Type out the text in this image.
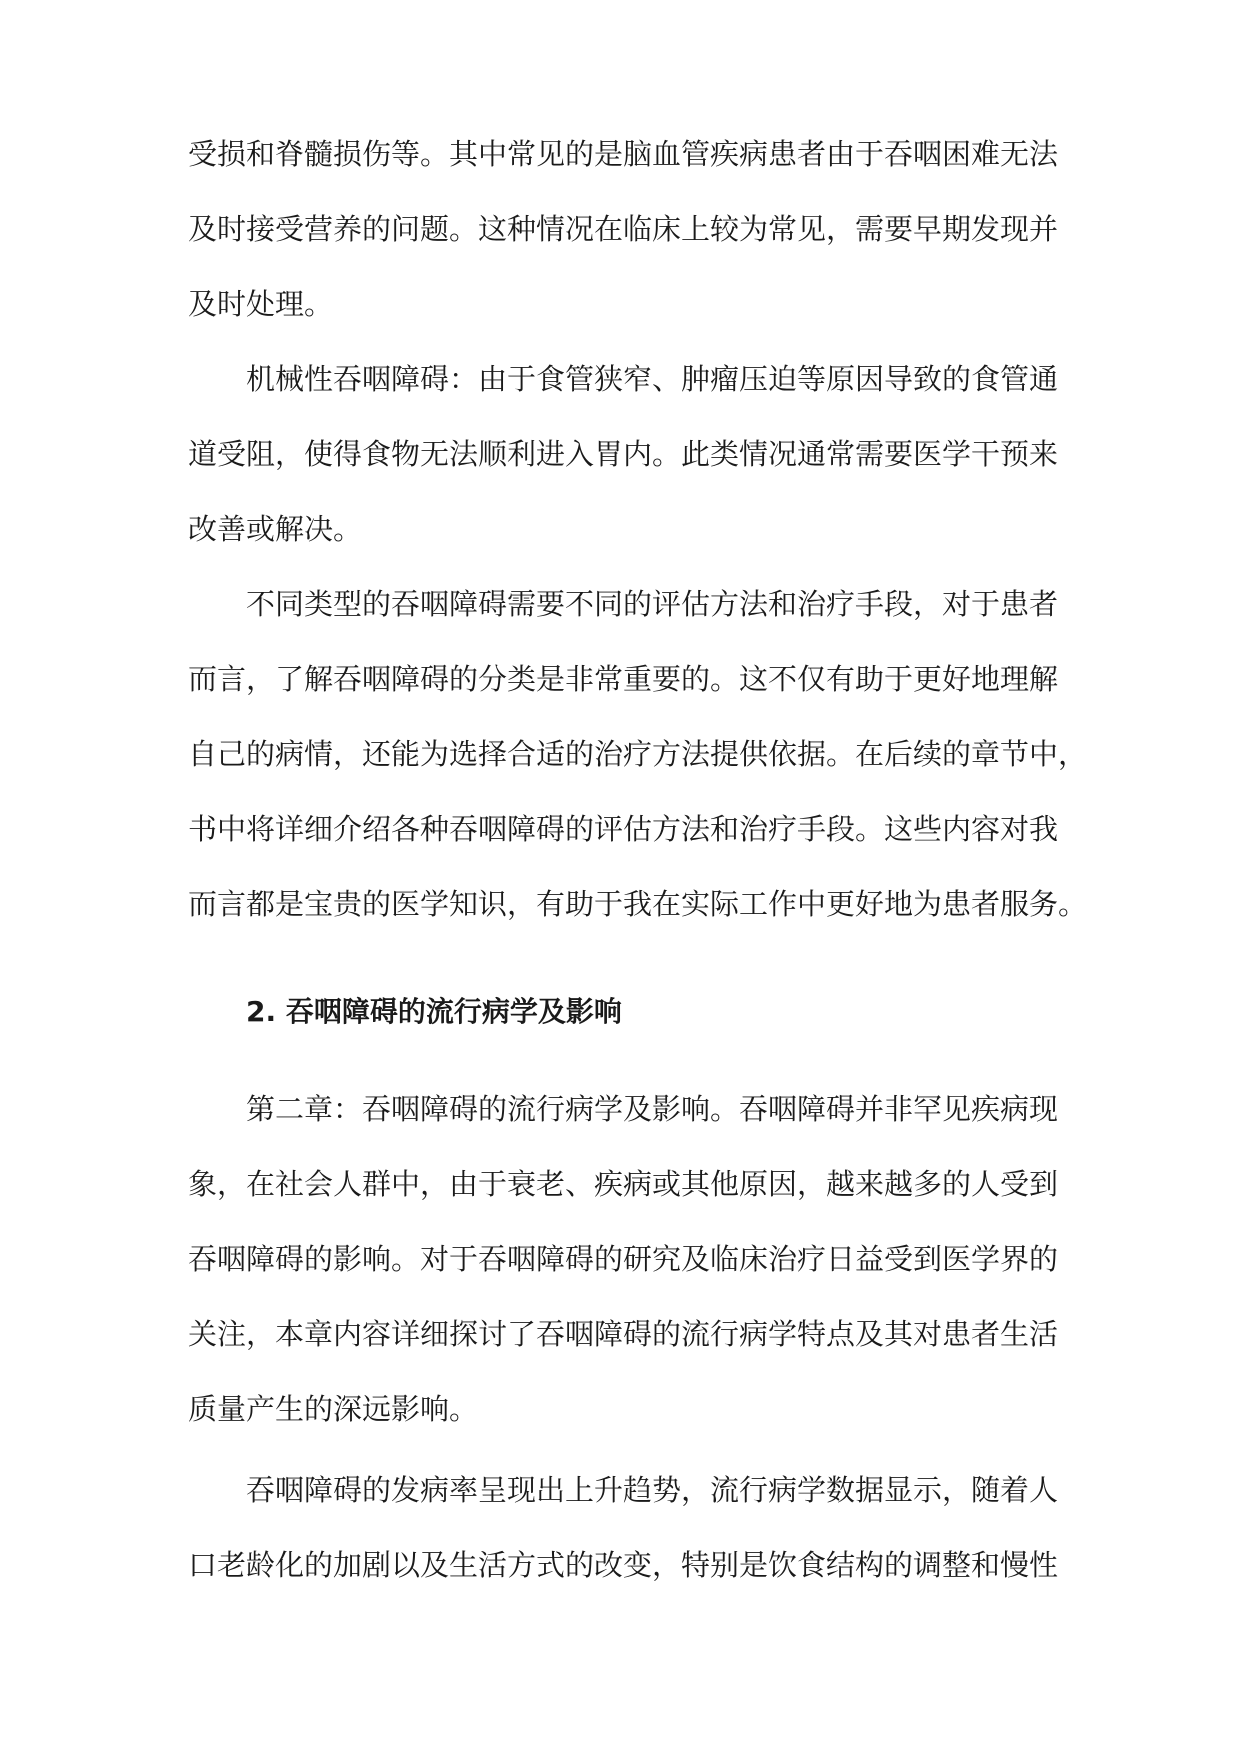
受损和脊髓损伤等。其中常见的是脑血管疾病患者由于吞咽困难无法
及时接受营养的问题。这种情况在临床上较为常见，需要早期发现并
及时处理。
机械性吞咽障碍：由于食管狭窄、肿瘤压迫等原因导致的食管通
道受阻，使得食物无法顺利进入胃内。此类情况通常需要医学干预来
改善或解决。
不同类型的吞咽障碍需要不同的评估方法和治疗手段，对于患者
而言，了解吞咽障碍的分类是非常重要的。这不仅有助于更好地理解
自己的病情，还能为选择合适的治疗方法提供依据。在后续的章节中，
书中将详细介绍各种吞咽障碍的评估方法和治疗手段。这些内容对我
而言都是宝贵的医学知识，有助于我在实际工作中更好地为患者服务。
2. 吞咽障碍的流行病学及影响
第二章：吞咽障碍的流行病学及影响。吞咽障碍并非罕见疾病现
象，在社会人群中，由于衰老、疾病或其他原因，越来越多的人受到
吞咽障碍的影响。对于吞咽障碍的研究及临床治疗日益受到医学界的
关注，本章内容详细探讨了吞咽障碍的流行病学特点及其对患者生活
质量产生的深远影响。
吞咽障碍的发病率呈现出上升趋势，流行病学数据显示，随着人
口老龄化的加剧以及生活方式的改变，特别是饮食结构的调整和慢性
